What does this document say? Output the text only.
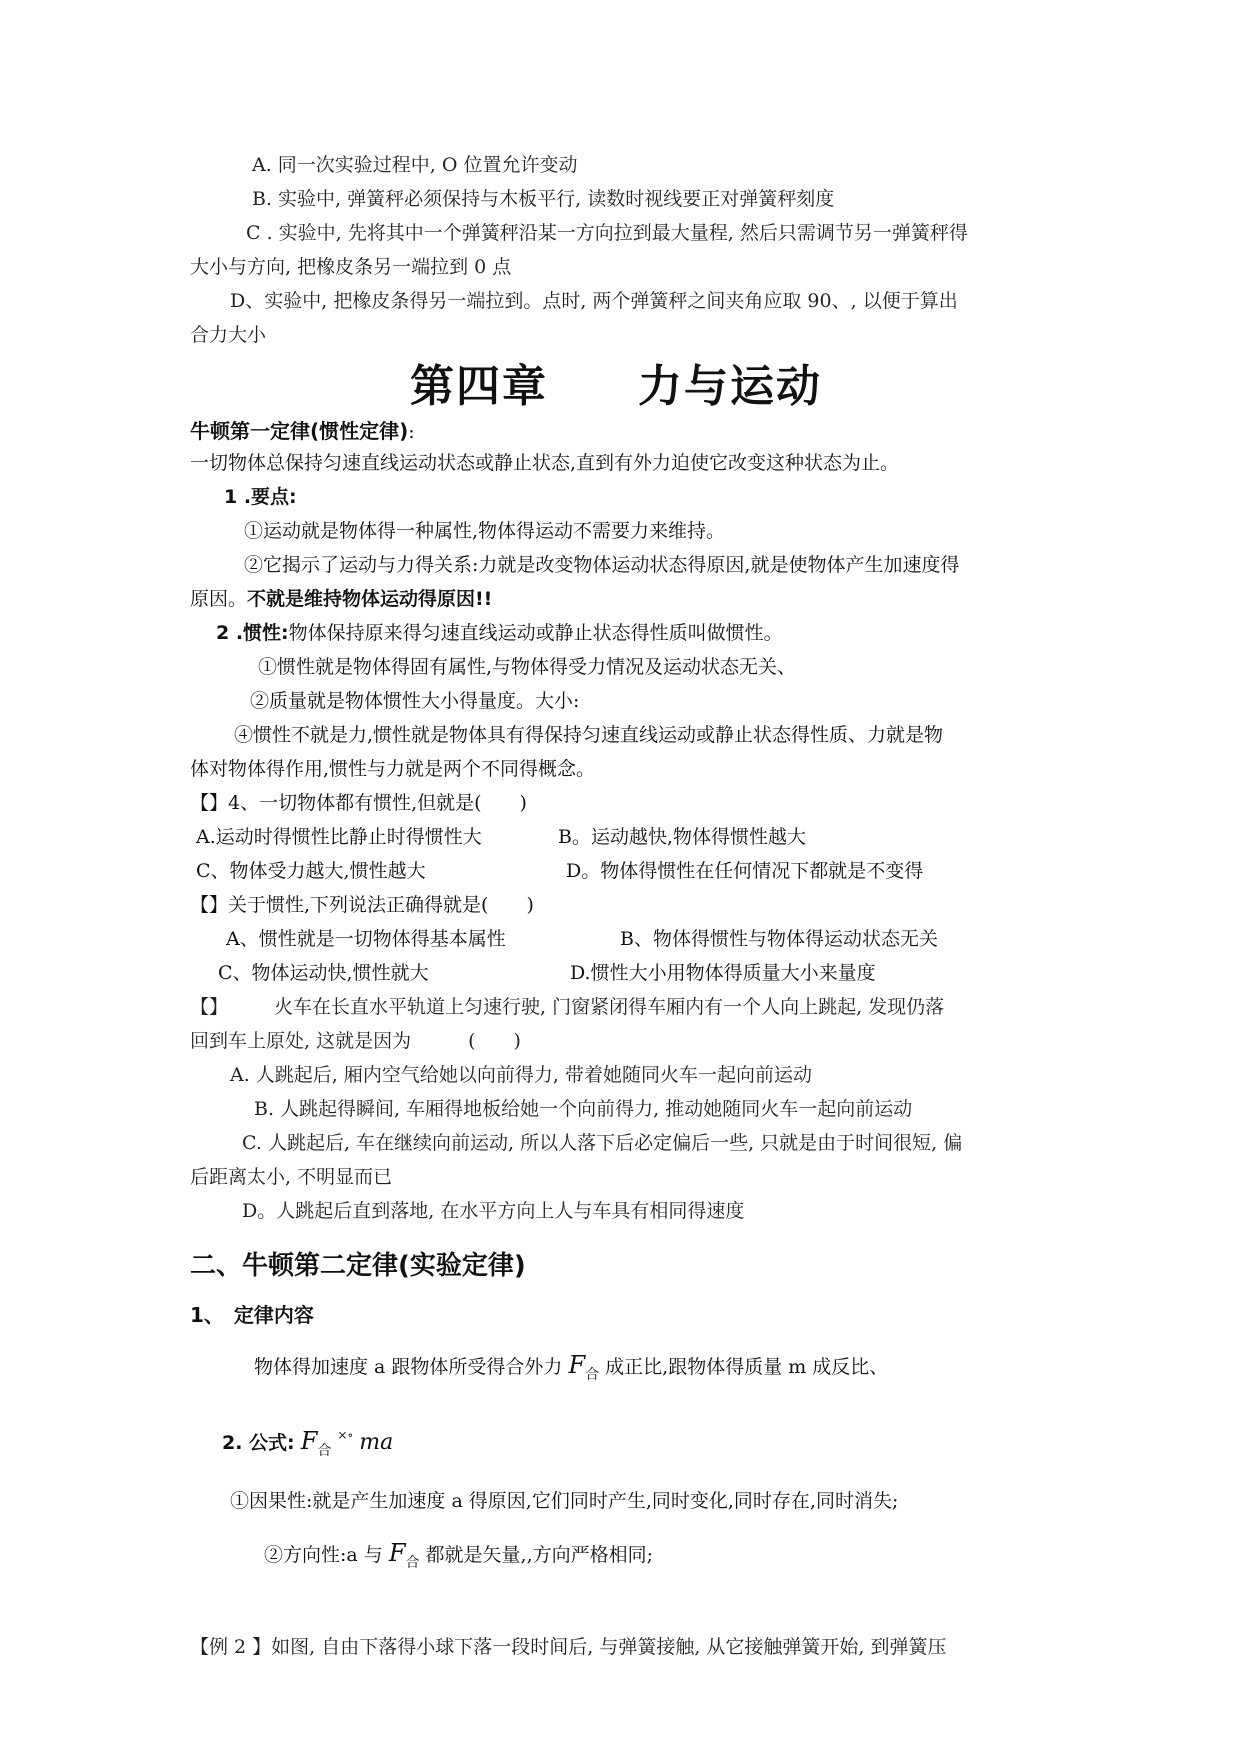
A. 同一次实验过程中, O 位置允许变动
B. 实验中, 弹簧秤必须保持与木板平行, 读数时视线要正对弹簧秤刻度
C . 实验中, 先将其中一个弹簧秤沿某一方向拉到最大量程, 然后只需调节另一弹簧秤得
大小与方向, 把橡皮条另一端拉到 0 点
D、实验中, 把橡皮条得另一端拉到。点时, 两个弹簧秤之间夹角应取 90、, 以便于算出
合力大小
第四章 力与运动
牛顿第一定律(惯性定律):
一切物体总保持匀速直线运动状态或静止状态,直到有外力迫使它改变这种状态为止。
1 .要点:
①运动就是物体得一种属性,物体得运动不需要力来维持。
②它揭示了运动与力得关系:力就是改变物体运动状态得原因,就是使物体产生加速度得
原因。不就是维持物体运动得原因!!
2 .惯性:物体保持原来得匀速直线运动或静止状态得性质叫做惯性。
①惯性就是物体得固有属性,与物体得受力情况及运动状态无关、
②质量就是物体惯性大小得量度。大小:
④惯性不就是力,惯性就是物体具有得保持匀速直线运动或静止状态得性质、力就是物
体对物体得作用,惯性与力就是两个不同得概念。
【】4、一切物体都有惯性,但就是(　　)
A.运动时得惯性比静止时得惯性大	B。运动越快,物体得惯性越大
C、物体受力越大,惯性越大	D。物体得惯性在任何情况下都就是不变得
【】关于惯性,下列说法正确得就是(　　)
A、惯性就是一切物体得基本属性	B、物体得惯性与物体得运动状态无关
C、物体运动快,惯性就大	D.惯性大小用物体得质量大小来量度
【】 火车在长直水平轨道上匀速行驶, 门窗紧闭得车厢内有一个人向上跳起, 发现仍落
回到车上原处, 这就是因为　　　(　　)
A. 人跳起后, 厢内空气给她以向前得力, 带着她随同火车一起向前运动
B. 人跳起得瞬间, 车厢得地板给她一个向前得力, 推动她随同火车一起向前运动
C. 人跳起后, 车在继续向前运动, 所以人落下后必定偏后一些, 只就是由于时间很短, 偏
后距离太小, 不明显而已
D。人跳起后直到落地, 在水平方向上人与车具有相同得速度
二、牛顿第二定律(实验定律)
1、　定律内容
物体得加速度 a 跟物体所受得合外力 $F_合$ 成正比,跟物体得质量 m 成反比、
2. 公式: $F_合^{\times\circ}$ ma
①因果性:就是产生加速度 a 得原因,它们同时产生,同时变化,同时存在,同时消失;
②方向性:a 与 $F_合$ 都就是矢量,,方向严格相同;
【例 2 】如图, 自由下落得小球下落一段时间后, 与弹簧接触, 从它接触弹簧开始, 到弹簧压
